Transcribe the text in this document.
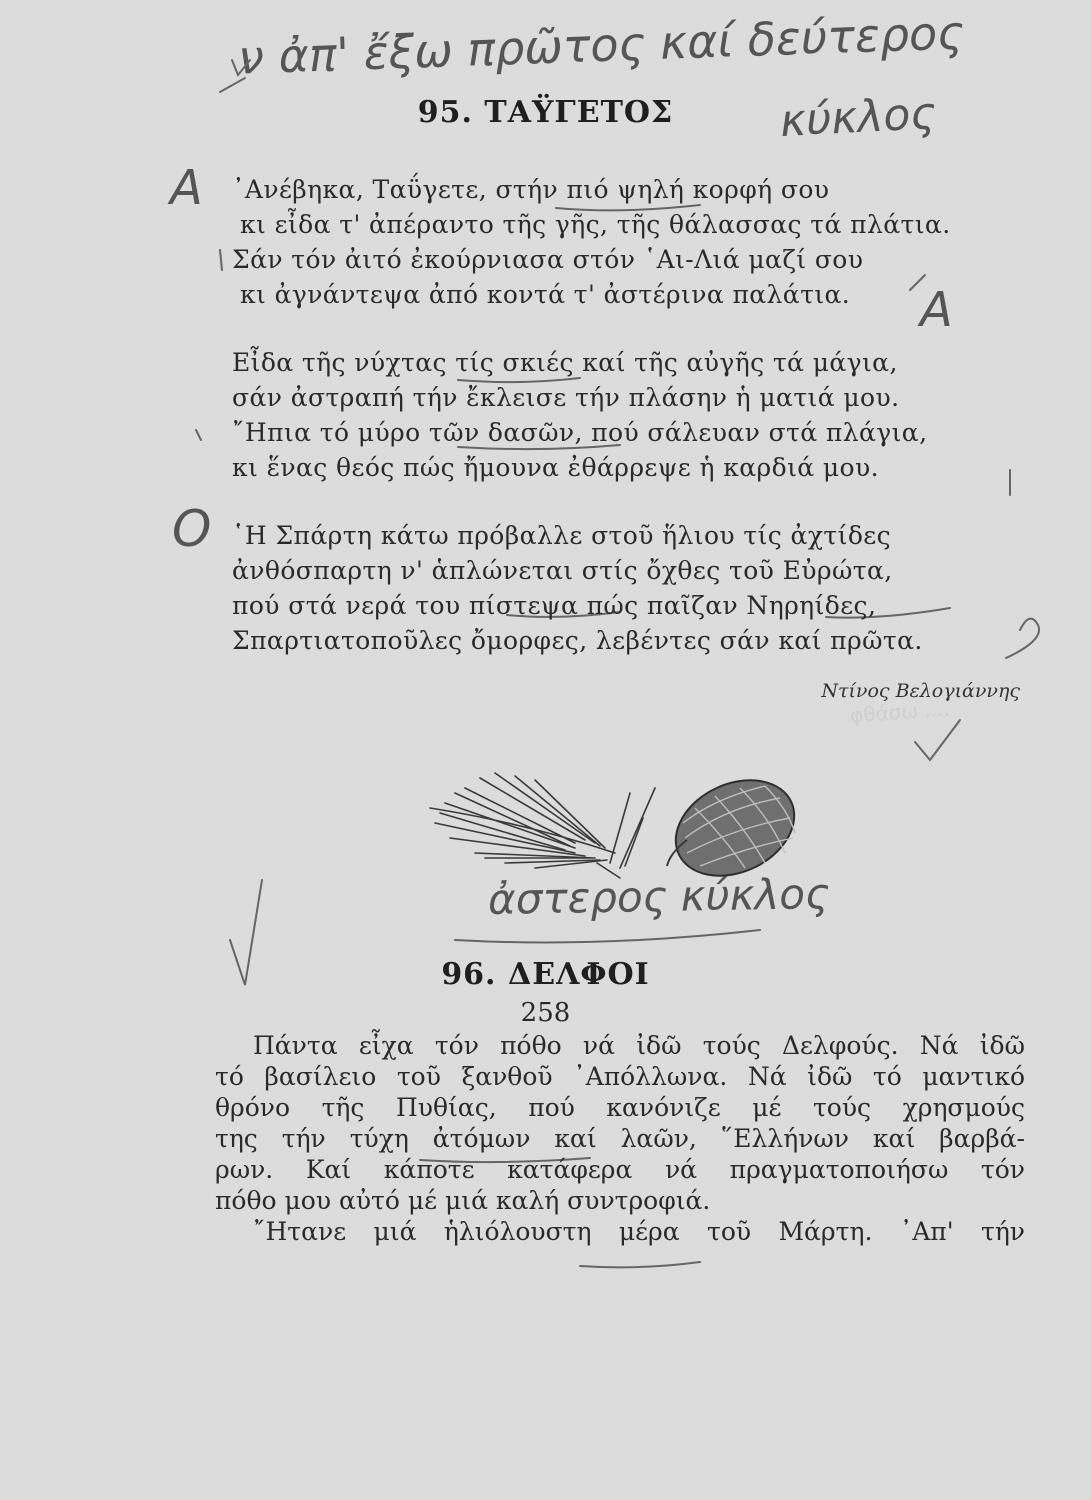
ν ἀπ' ἔξω πρῶτος καί δεύτερος
κύκλος
Α
Α
Ο
ἀστερος κύκλος
φθάσω ....
95. ΤΑΫΓΕΤΟΣ
᾿Ανέβηκα, Ταΰγετε, στήν πιό ψηλή κορφή σου
κι εἶδα τ' ἀπέραντο τῆς γῆς, τῆς θάλασσας τά πλάτια.
Σάν τόν ἀιτό ἐκούρνιασα στόν ῾Αι-Λιά μαζί σου
κι ἀγνάντεψα ἀπό κοντά τ' ἀστέρινα παλάτια.
Εἶδα τῆς νύχτας τίς σκιές καί τῆς αὐγῆς τά μάγια,
σάν ἀστραπή τήν ἔκλεισε τήν πλάσην ἡ ματιά μου.
῎Ηπια τό μύρο τῶν δασῶν, πού σάλευαν στά πλάγια,
κι ἕνας θεός πώς ἤμουνα ἐθάρρεψε ἡ καρδιά μου.
῾Η Σπάρτη κάτω πρόβαλλε στοῦ ἥλιου τίς ἀχτίδες
ἀνθόσπαρτη ν' ἁπλώνεται στίς ὄχθες τοῦ Εὐρώτα,
πού στά νερά του πίστεψα πώς παῖζαν Νηρηίδες,
Σπαρτιατοποῦλες ὄμορφες, λεβέντες σάν καί πρῶτα.
Ντίνος Βελογιάννης
96. ΔΕΛΦΟΙ

Πάντα εἶχα τόν πόθο νά ἰδῶ τούς Δελφούς. Νά ἰδῶ

τό βασίλειο τοῦ ξανθοῦ ᾿Απόλλωνα. Νά ἰδῶ τό μαντικό

θρόνο τῆς Πυθίας, πού κανόνιζε μέ τούς χρησμούς

της τήν τύχη ἀτόμων καί λαῶν, ῞Ελλήνων καί βαρβά-

ρων. Καί κάποτε κατάφερα νά πραγματοποιήσω τόν

πόθο μου αὐτό μέ μιά καλή συντροφιά.

῎Ητανε μιά ἡλιόλουστη μέρα τοῦ Μάρτη. ᾿Απ' τήν

258
